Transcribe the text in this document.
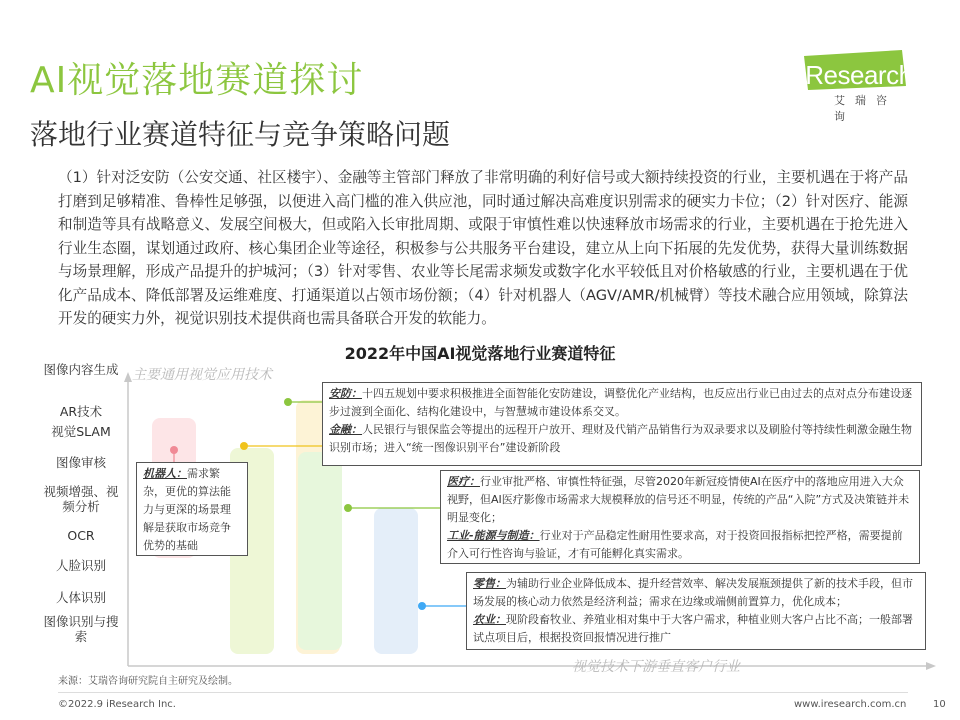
AI视觉落地赛道探讨
落地行业赛道特征与竞争策略问题
iResearch
艾瑞咨询
（1）针对泛安防（公安交通、社区楼宇）、金融等主管部门释放了非常明确的利好信号或大额持续投资的行业，主要机遇在于将产品打磨到足够精准、鲁棒性足够强，以便进入高门槛的准入供应池，同时通过解决高难度识别需求的硬实力卡位；（2）针对医疗、能源和制造等具有战略意义、发展空间极大，但或陷入长审批周期、或限于审慎性难以快速释放市场需求的行业，主要机遇在于抢先进入行业生态圈，谋划通过政府、核心集团企业等途径，积极参与公共服务平台建设，建立从上向下拓展的先发优势，获得大量训练数据与场景理解，形成产品提升的护城河；（3）针对零售、农业等长尾需求频发或数字化水平较低且对价格敏感的行业，主要机遇在于优化产品成本、降低部署及运维难度、打通渠道以占领市场份额；（4）针对机器人（AGV/AMR/机械臂）等技术融合应用领域，除算法开发的硬实力外，视觉识别技术提供商也需具备联合开发的软能力。
2022年中国AI视觉落地行业赛道特征
图像内容生成
AR技术
视觉SLAM
图像审核
视频增强、视频分析
OCR
人脸识别
人体识别
图像识别与搜索
主要通用视觉应用技术
视觉技术下游垂直客户行业
机器人：需求繁杂，更优的算法能力与更深的场景理解是获取市场竞争优势的基础
安防：十四五规划中要求积极推进全面智能化安防建设，调整优化产业结构，也反应出行业已由过去的点对点分布建设逐步过渡到全面化、结构化建设中，与智慧城市建设体系交叉。
金融：人民银行与银保监会等提出的远程开户放开、理财及代销产品销售行为双录要求以及刷脸付等持续性刺激金融生物识别市场；进入“统一图像识别平台”建设新阶段
医疗：行业审批严格、审慎性特征强，尽管2020年新冠疫情使AI在医疗中的落地应用进入大众视野，但AI医疗影像市场需求大规模释放的信号还不明显，传统的产品“入院”方式及决策链并未明显变化；
工业-能源与制造：行业对于产品稳定性耐用性要求高，对于投资回报指标把控严格，需要提前介入可行性咨询与验证，才有可能孵化真实需求。
零售：为辅助行业企业降低成本、提升经营效率、解决发展瓶颈提供了新的技术手段，但市场发展的核心动力依然是经济利益；需求在边缘或端侧前置算力，优化成本；
农业：现阶段畜牧业、养殖业相对集中于大客户需求，种植业则大客户占比不高；一般部署试点项目后，根据投资回报情况进行推广
来源：艾瑞咨询研究院自主研究及绘制。
©2022.9 iResearch Inc.	www.iresearch.com.cn	10
